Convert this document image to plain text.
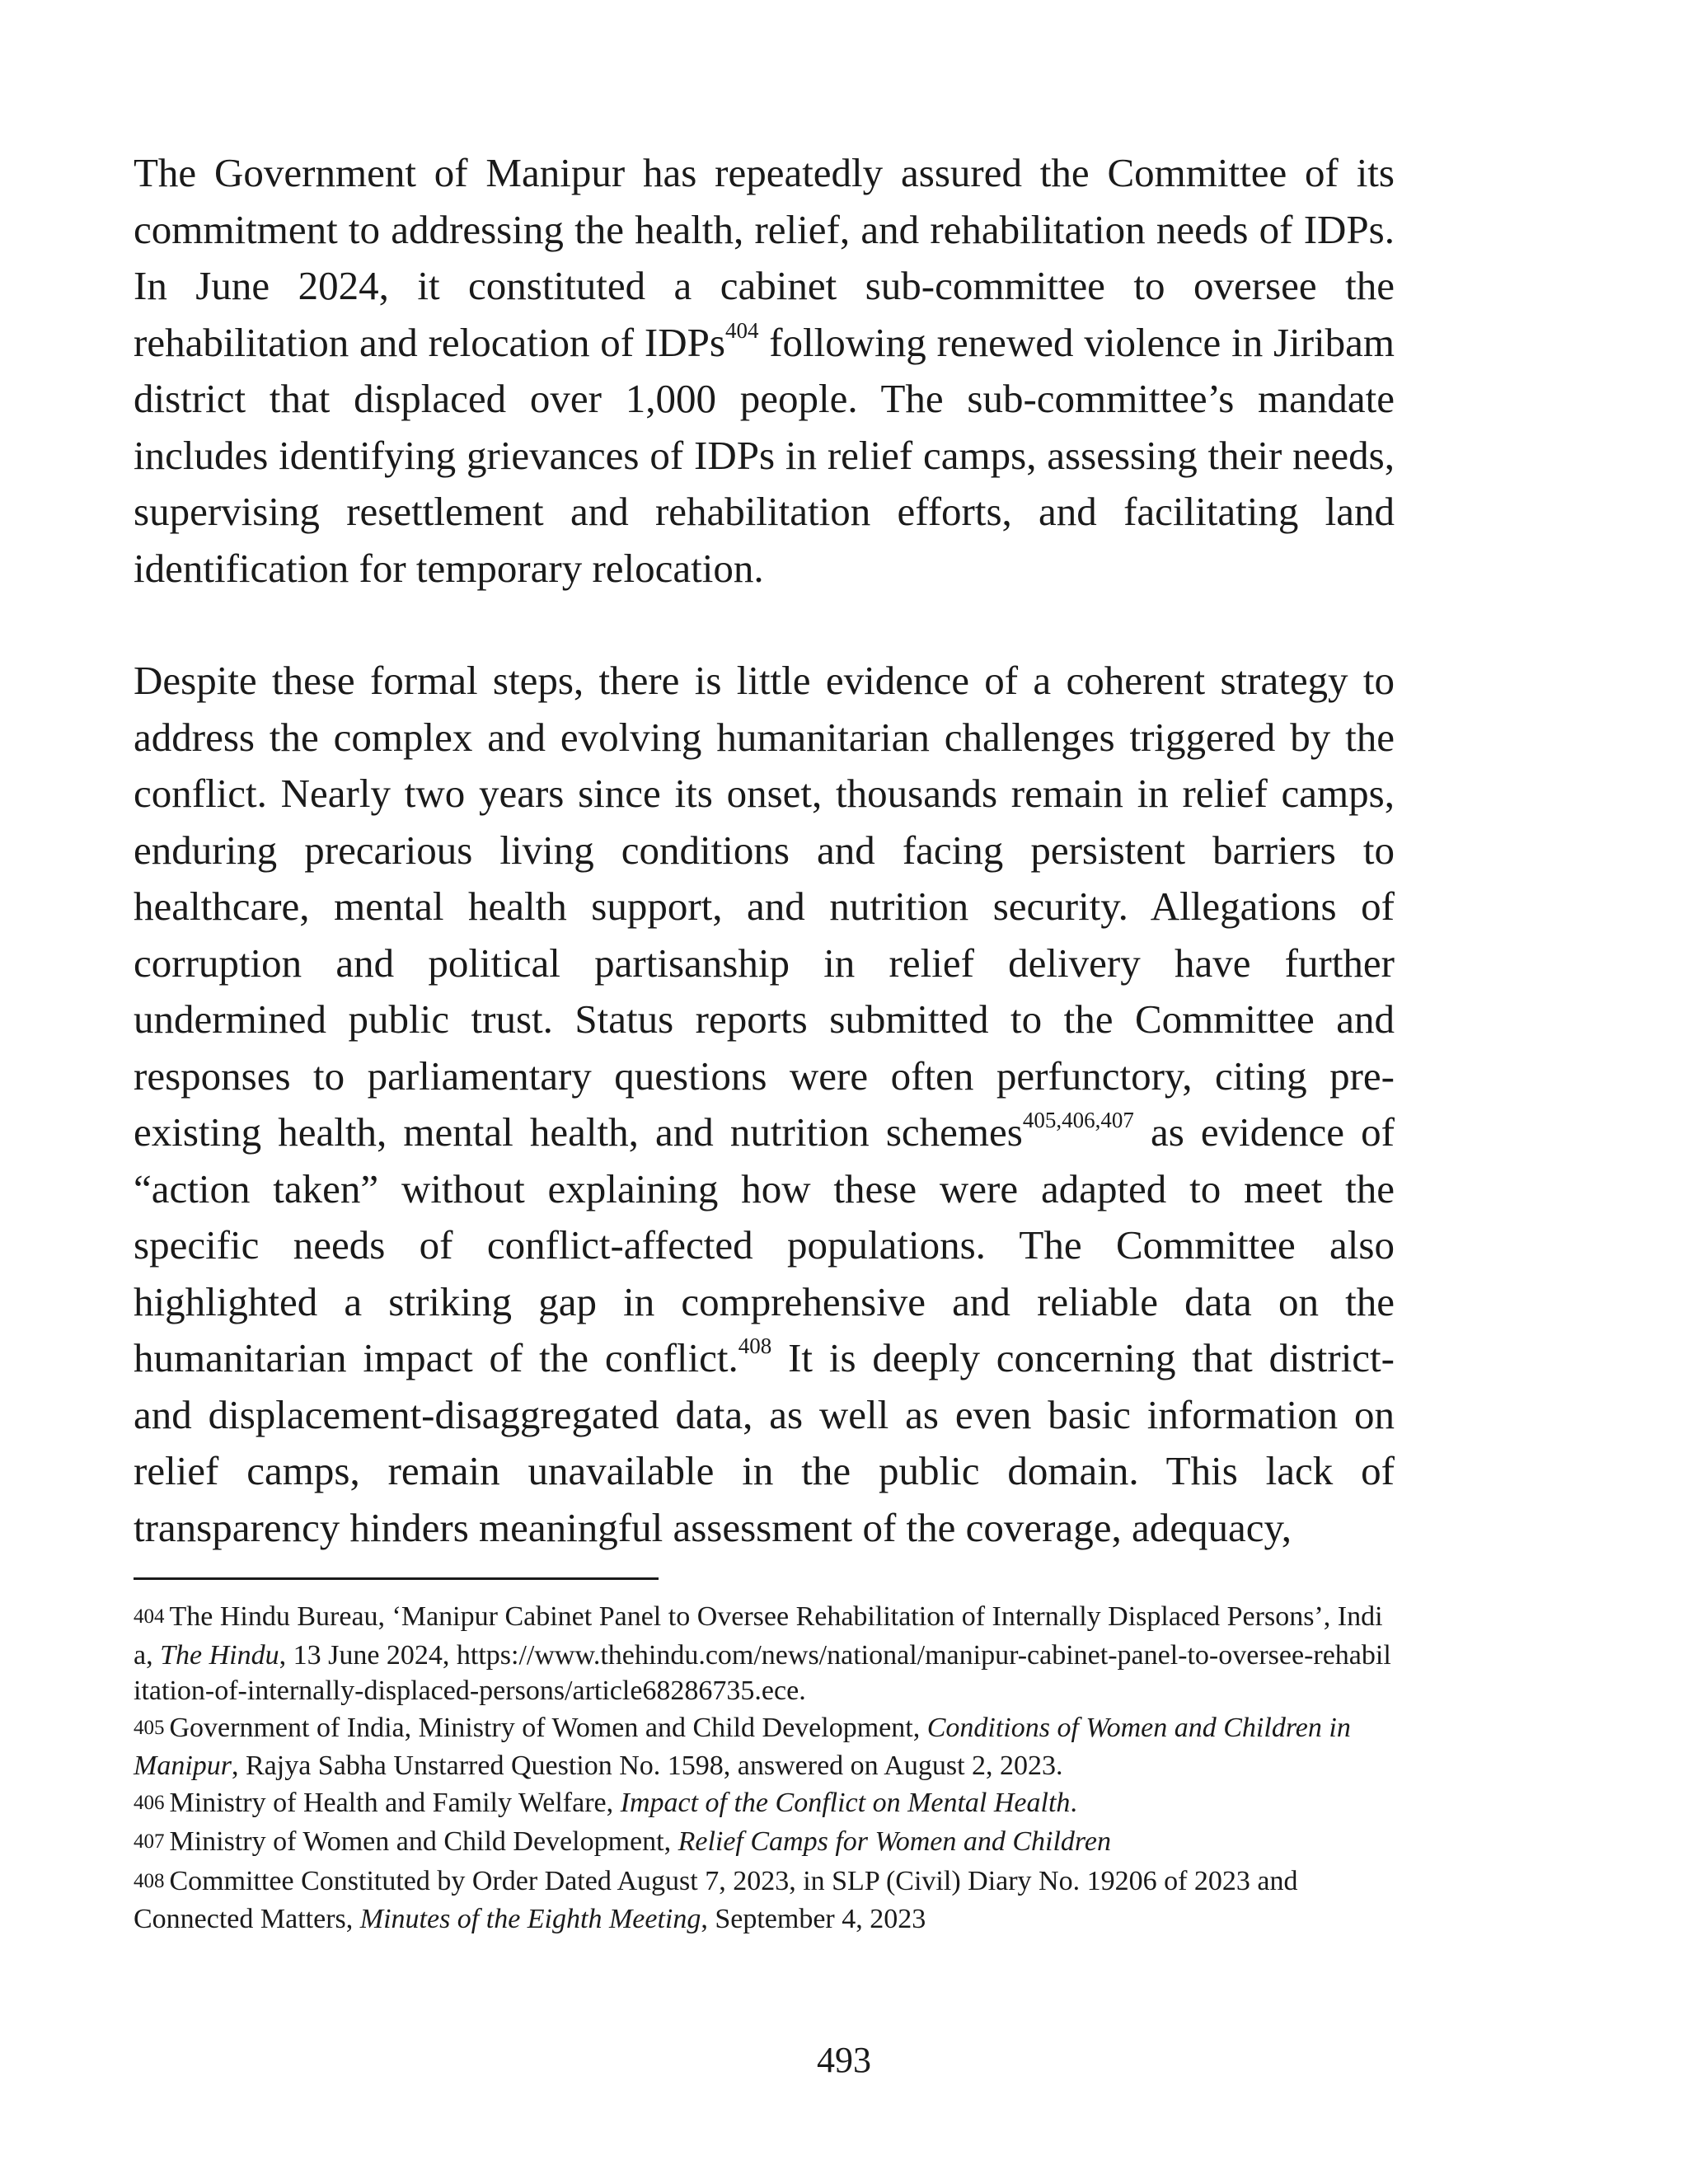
The Government of Manipur has repeatedly assured the Committee of its commitment to addressing the health, relief, and rehabilitation needs of IDPs. In June 2024, it constituted a cabinet sub-committee to oversee the rehabilitation and relocation of IDPs$^{404}$ following renewed violence in Jiribam district that displaced over 1,000 people. The sub-committee’s mandate includes identifying grievances of IDPs in relief camps, assessing their needs, supervising resettlement and rehabilitation efforts, and facilitating land identification for temporary relocation.

Despite these formal steps, there is little evidence of a coherent strategy to address the complex and evolving humanitarian challenges triggered by the conflict. Nearly two years since its onset, thousands remain in relief camps, enduring precarious living conditions and facing persistent barriers to healthcare, mental health support, and nutrition security. Allegations of corruption and political partisanship in relief delivery have further undermined public trust. Status reports submitted to the Committee and responses to parliamentary questions were often perfunctory, citing pre-existing health, mental health, and nutrition schemes$^{405,406,407}$ as evidence of “action taken” without explaining how these were adapted to meet the specific needs of conflict-affected populations. The Committee also highlighted a striking gap in comprehensive and reliable data on the humanitarian impact of the conflict.$^{408}$ It is deeply concerning that district- and displacement-disaggregated data, as well as even basic information on relief camps, remain unavailable in the public domain. This lack of transparency hinders meaningful assessment of the coverage, adequacy,

404 The Hindu Bureau, ‘Manipur Cabinet Panel to Oversee Rehabilitation of Internally Displaced Persons’, India, The Hindu, 13 June 2024, https://www.thehindu.com/news/national/manipur-cabinet-panel-to-oversee-rehabilitation-of-internally-displaced-persons/article68286735.ece.

405 Government of India, Ministry of Women and Child Development, Conditions of Women and Children in Manipur, Rajya Sabha Unstarred Question No. 1598, answered on August 2, 2023.

406 Ministry of Health and Family Welfare, Impact of the Conflict on Mental Health.

407 Ministry of Women and Child Development, Relief Camps for Women and Children

408 Committee Constituted by Order Dated August 7, 2023, in SLP (Civil) Diary No. 19206 of 2023 and Connected Matters, Minutes of the Eighth Meeting, September 4, 2023

493
